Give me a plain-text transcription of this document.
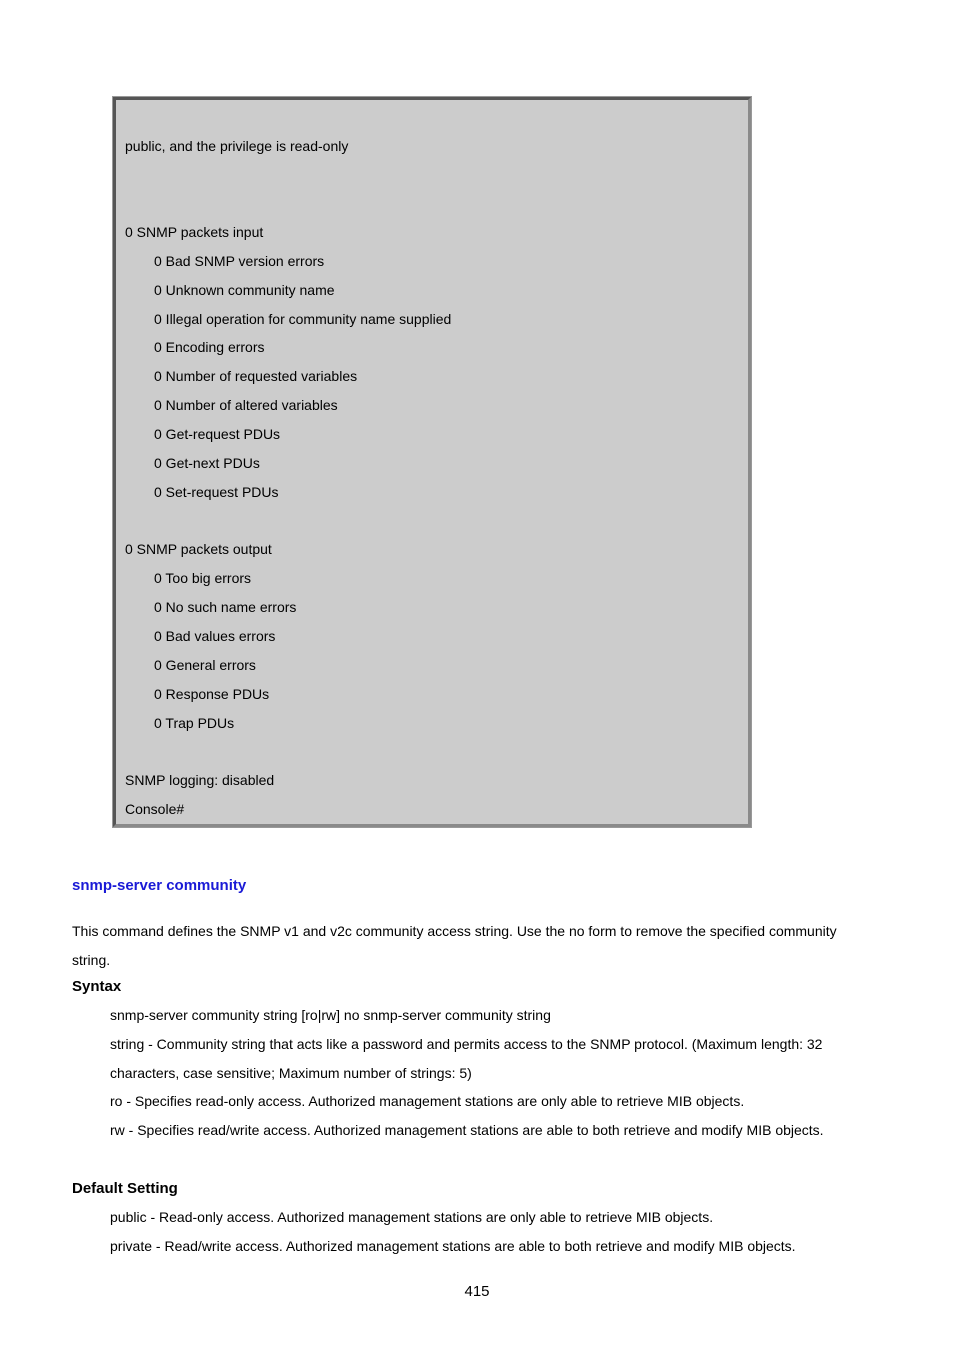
public, and the privilege is read-only
0 SNMP packets input
0 Bad SNMP version errors
0 Unknown community name
0 Illegal operation for community name supplied
0 Encoding errors
0 Number of requested variables
0 Number of altered variables
0 Get-request PDUs
0 Get-next PDUs
0 Set-request PDUs
0 SNMP packets output
0 Too big errors
0 No such name errors
0 Bad values errors
0 General errors
0 Response PDUs
0 Trap PDUs
SNMP logging: disabled
Console#
snmp-server community
This command defines the SNMP v1 and v2c community access string. Use the no form to remove the specified community string.
Syntax
snmp-server community string [ro|rw] no snmp-server community string
string - Community string that acts like a password and permits access to the SNMP protocol. (Maximum length: 32 characters, case sensitive; Maximum number of strings: 5)
ro - Specifies read-only access. Authorized management stations are only able to retrieve MIB objects.
rw - Specifies read/write access. Authorized management stations are able to both retrieve and modify MIB objects.
Default Setting
public - Read-only access. Authorized management stations are only able to retrieve MIB objects.
private - Read/write access. Authorized management stations are able to both retrieve and modify MIB objects.
415
